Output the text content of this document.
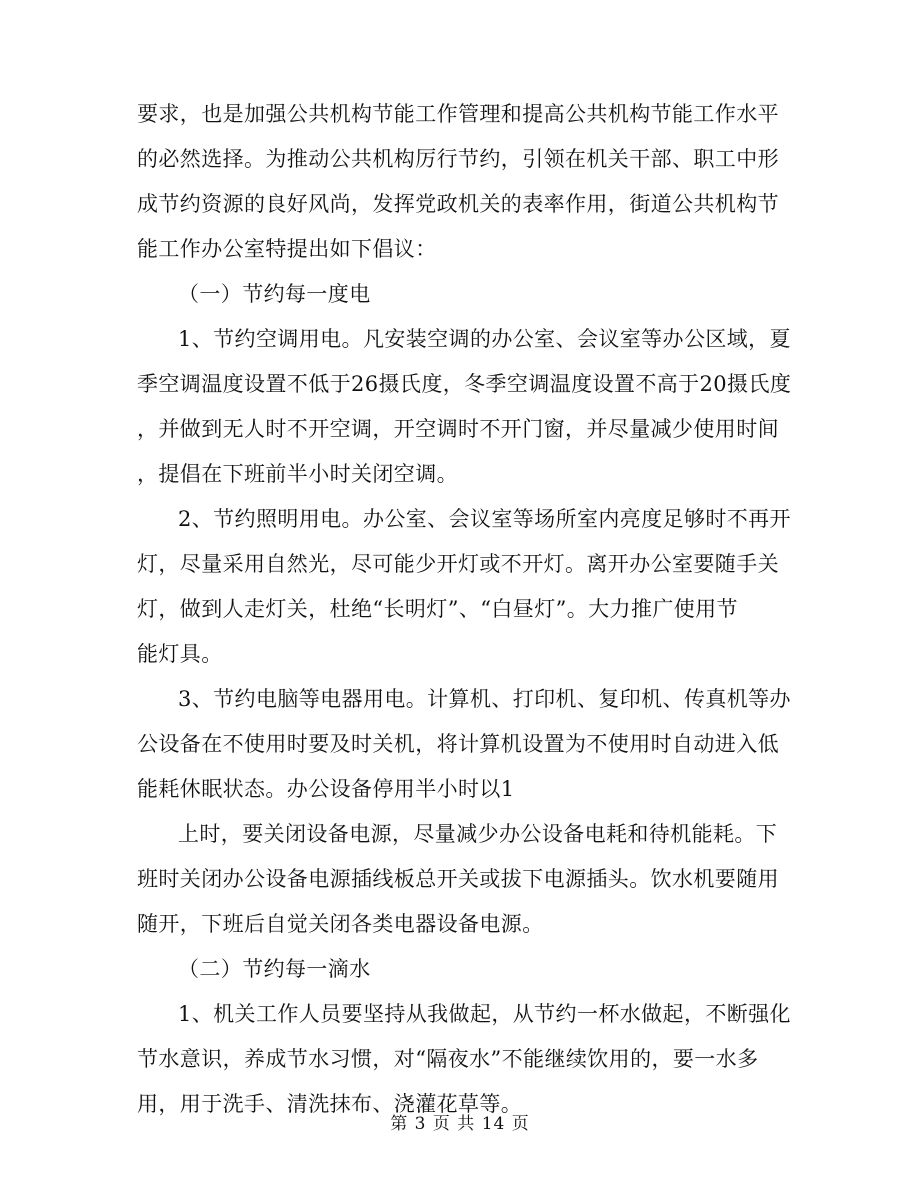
要求，也是加强公共机构节能工作管理和提高公共机构节能工作水平
的必然选择。为推动公共机构厉行节约，引领在机关干部、职工中形
成节约资源的良好风尚，发挥党政机关的表率作用，街道公共机构节
能工作办公室特提出如下倡议：
（一）节约每一度电
1、节约空调用电。凡安装空调的办公室、会议室等办公区域，夏
季空调温度设置不低于26摄氏度，冬季空调温度设置不高于20摄氏度
，并做到无人时不开空调，开空调时不开门窗，并尽量减少使用时间
，提倡在下班前半小时关闭空调。
2、节约照明用电。办公室、会议室等场所室内亮度足够时不再开
灯，尽量采用自然光，尽可能少开灯或不开灯。离开办公室要随手关
灯，做到人走灯关，杜绝“长明灯”、“白昼灯”。大力推广使用节
能灯具。
3、节约电脑等电器用电。计算机、打印机、复印机、传真机等办
公设备在不使用时要及时关机，将计算机设置为不使用时自动进入低
能耗休眠状态。办公设备停用半小时以1
上时，要关闭设备电源，尽量减少办公设备电耗和待机能耗。下
班时关闭办公设备电源插线板总开关或拔下电源插头。饮水机要随用
随开，下班后自觉关闭各类电器设备电源。
（二）节约每一滴水
1、机关工作人员要坚持从我做起，从节约一杯水做起，不断强化
节水意识，养成节水习惯，对“隔夜水”不能继续饮用的，要一水多
用，用于洗手、清洗抹布、浇灌花草等。
第 3 页 共 14 页
